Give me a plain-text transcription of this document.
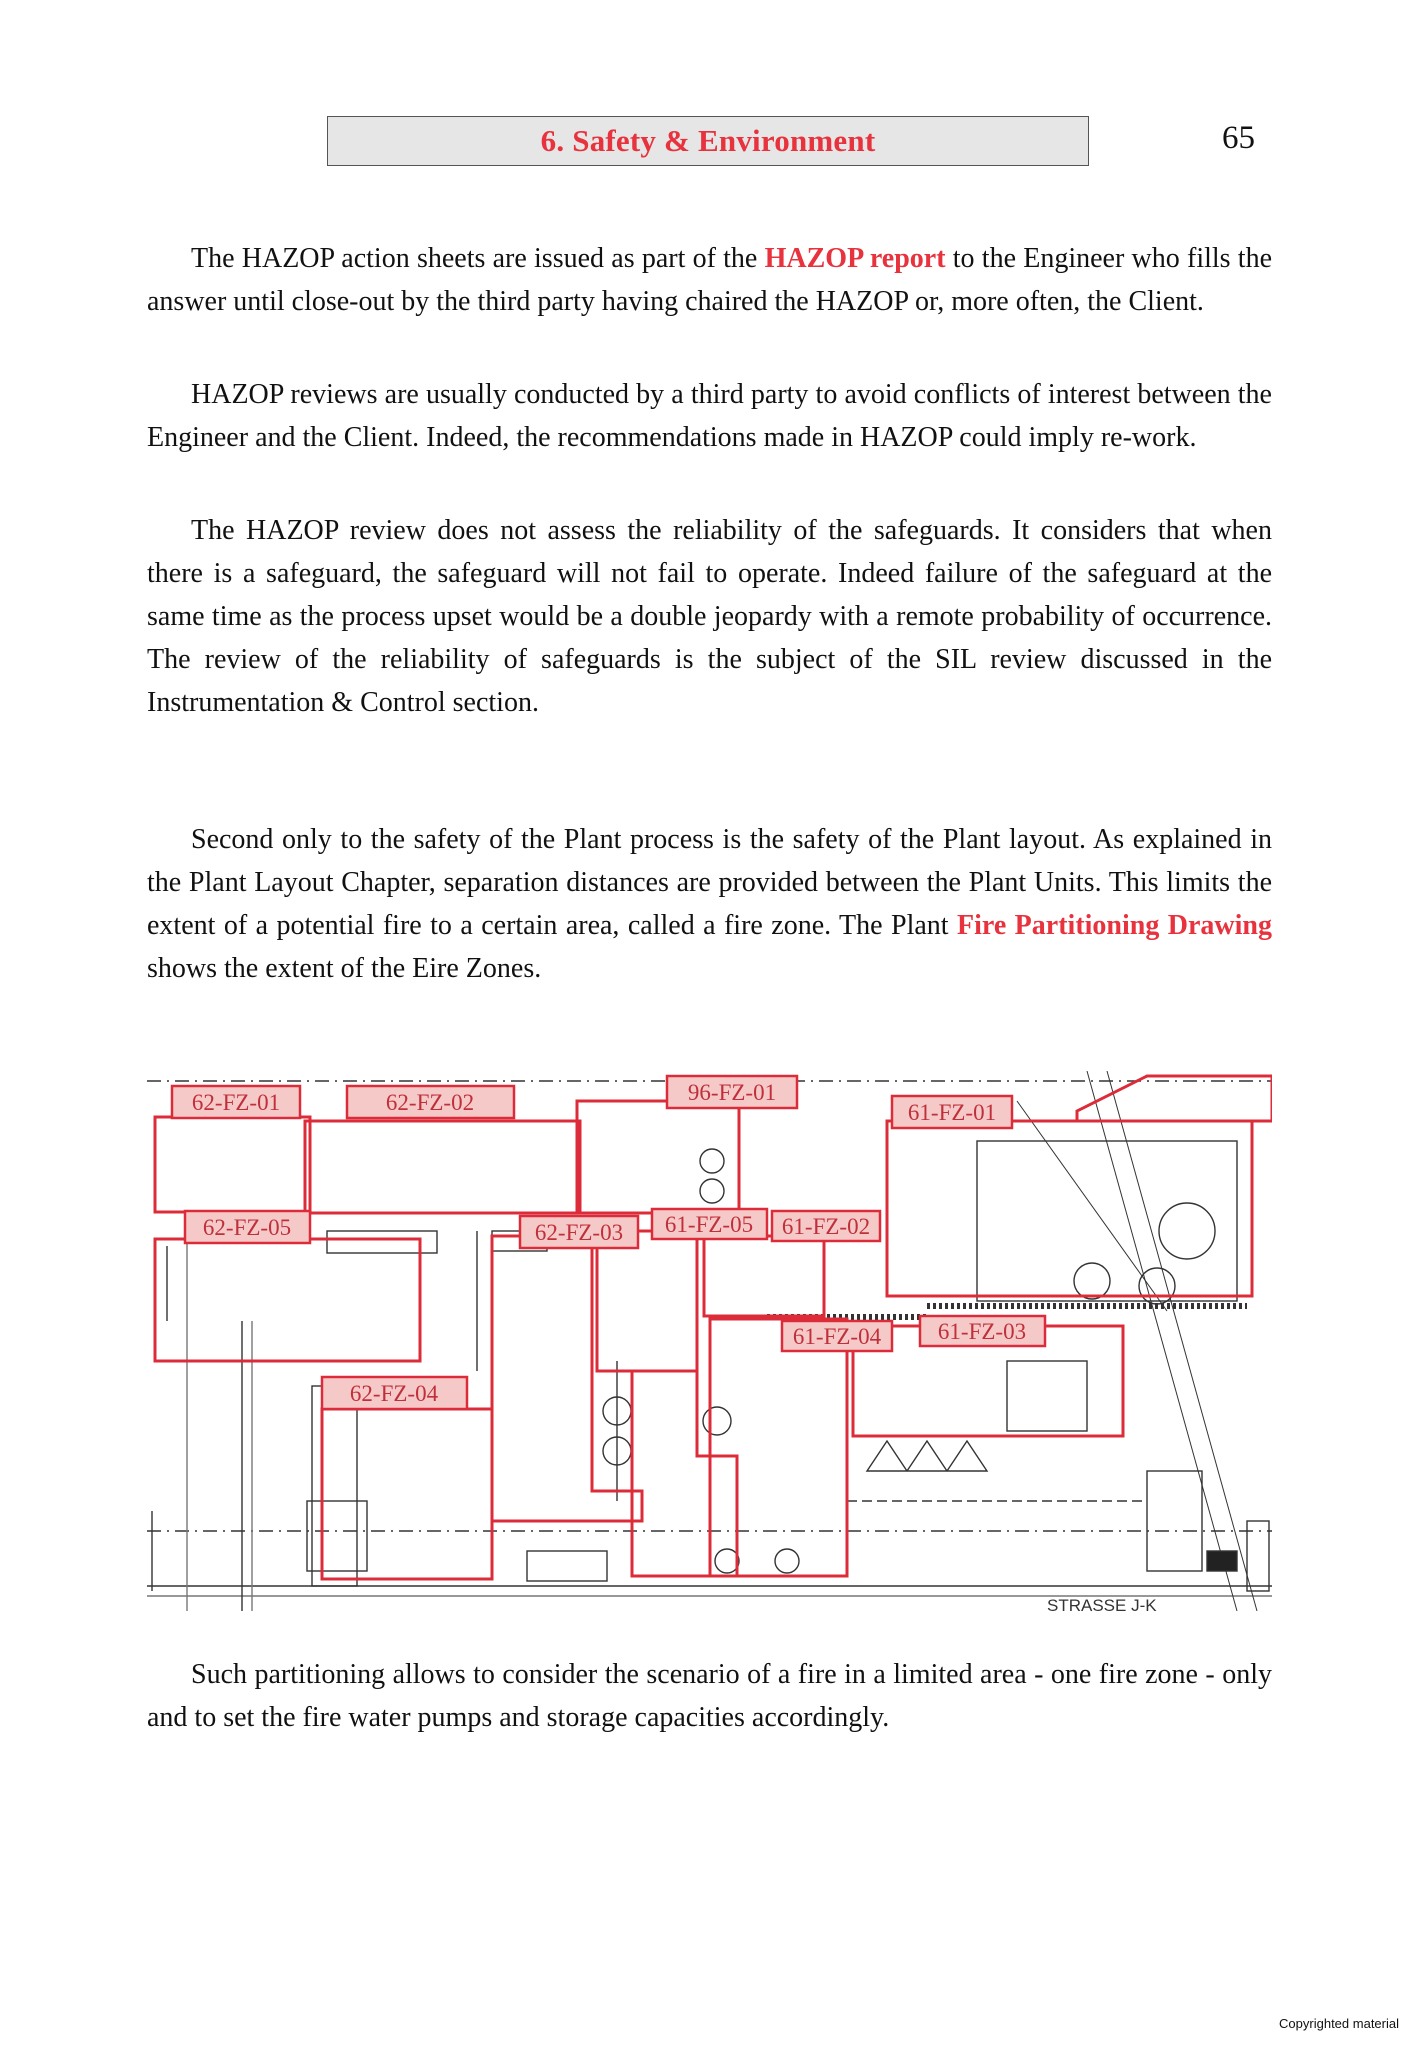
6. Safety & Environment	65

The HAZOP action sheets are issued as part of the HAZOP report to the Engineer who fills the answer until close-out by the third party having chaired the HAZOP or, more often, the Client.

HAZOP reviews are usually conducted by a third party to avoid conflicts of interest between the Engineer and the Client. Indeed, the recommendations made in HAZOP could imply re-work.

The HAZOP review does not assess the reliability of the safeguards. It considers that when there is a safeguard, the safeguard will not fail to operate. Indeed failure of the safeguard at the same time as the process upset would be a double jeopardy with a remote probability of occurrence. The review of the reliability of safeguards is the subject of the SIL review discussed in the Instrumentation & Control section.

Second only to the safety of the Plant process is the safety of the Plant layout. As explained in the Plant Layout Chapter, separation distances are provided between the Plant Units. This limits the extent of a potential fire to a certain area, called a fire zone. The Plant Fire Partitioning Drawing shows the extent of the Eire Zones.

62-FZ-01	62-FZ-02	96-FZ-01
61-FZ-01
62-FZ-05	62-FZ-03 61-FZ-05 61-FZ-02
61-FZ-04 61-FZ-03
62-FZ-04
STRASSE J-K

Such partitioning allows to consider the scenario of a fire in a limited area - one fire zone - only and to set the fire water pumps and storage capacities accordingly.

Copyrighted material
